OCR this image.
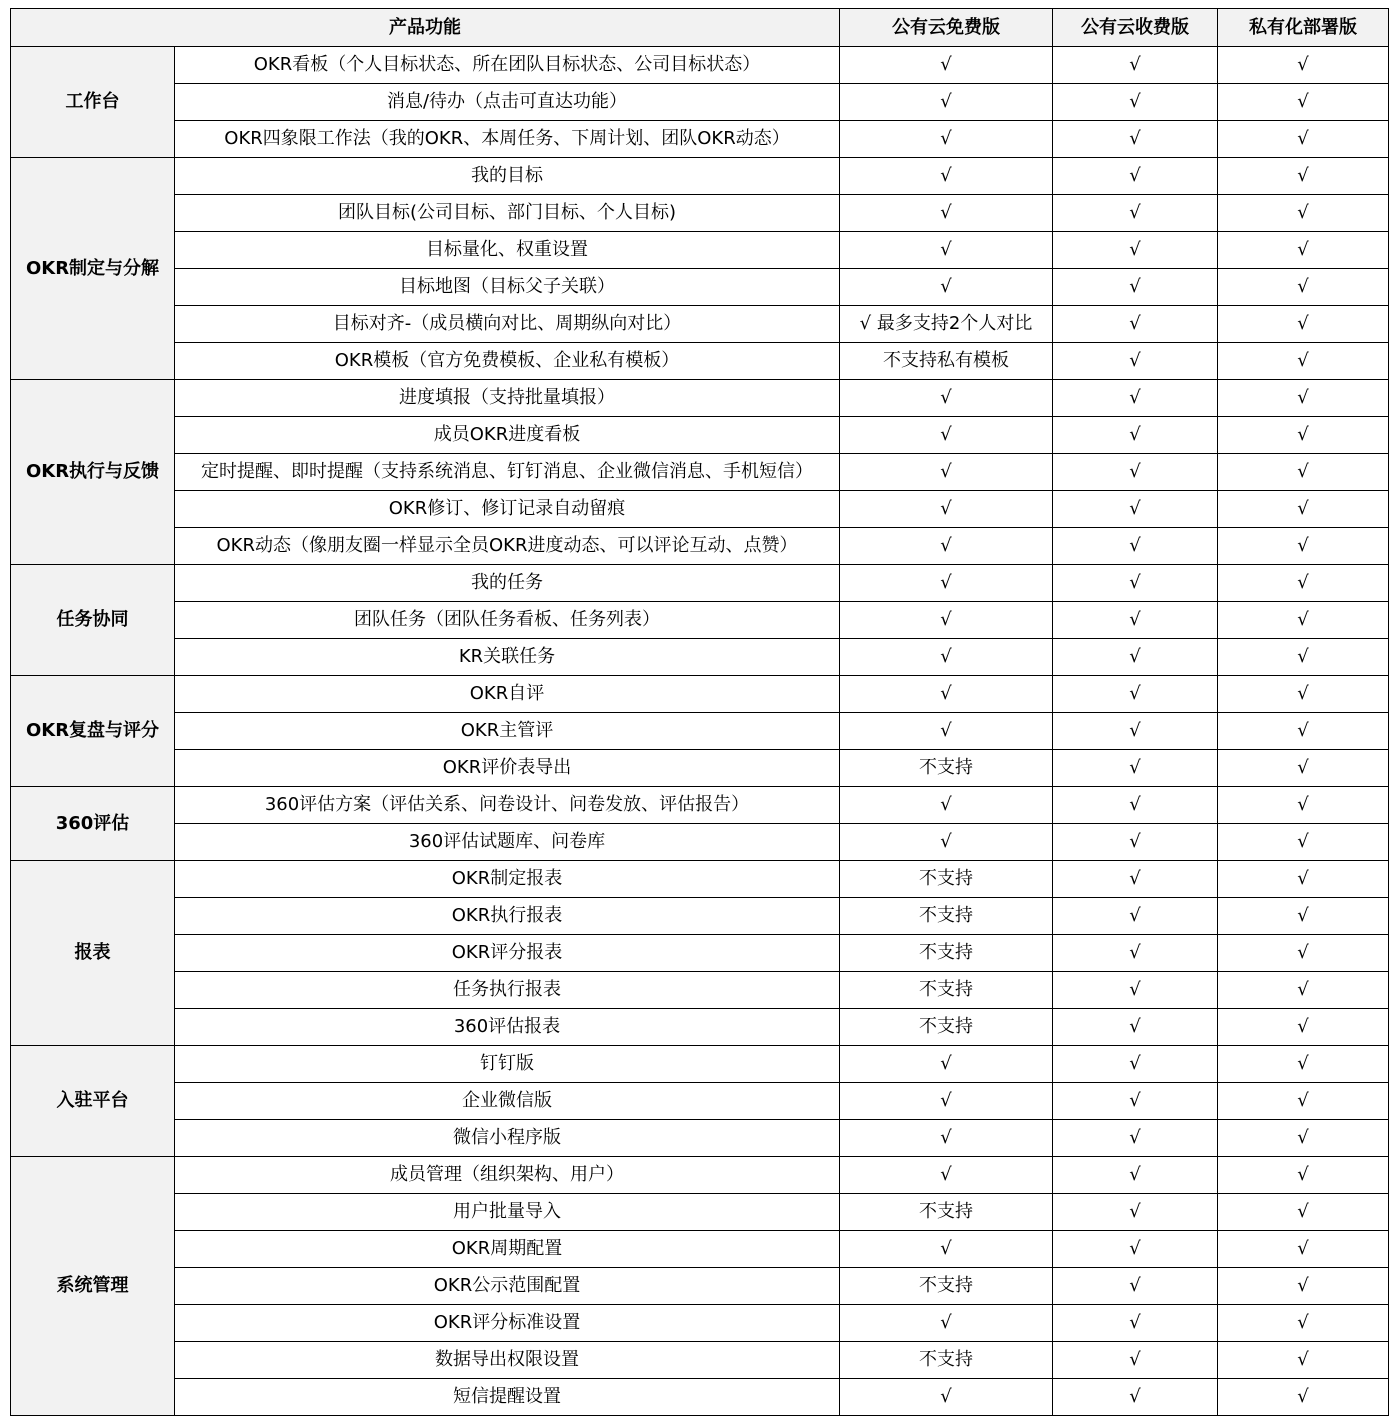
产品功能		公有云免费版	公有云收费版	私有化部署版
工作台	OKR看板（个人目标状态、所在团队目标状态、公司目标状态）	√	√	√
	消息/待办（点击可直达功能）	√	√	√
	OKR四象限工作法（我的OKR、本周任务、下周计划、团队OKR动态）	√	√	√
OKR制定与分解	我的目标	√	√	√
	团队目标(公司目标、部门目标、个人目标)	√	√	√
	目标量化、权重设置	√	√	√
	目标地图（目标父子关联）	√	√	√
	目标对齐-（成员横向对比、周期纵向对比）	√ 最多支持2个人对比	√	√
	OKR模板（官方免费模板、企业私有模板）	不支持私有模板	√	√
OKR执行与反馈	进度填报（支持批量填报）	√	√	√
	成员OKR进度看板	√	√	√
	定时提醒、即时提醒（支持系统消息、钉钉消息、企业微信消息、手机短信）	√	√	√
	OKR修订、修订记录自动留痕	√	√	√
	OKR动态（像朋友圈一样显示全员OKR进度动态、可以评论互动、点赞）	√	√	√
任务协同	我的任务	√	√	√
	团队任务（团队任务看板、任务列表）	√	√	√
	KR关联任务	√	√	√
OKR复盘与评分	OKR自评	√	√	√
	OKR主管评	√	√	√
	OKR评价表导出	不支持	√	√
360评估	360评估方案（评估关系、问卷设计、问卷发放、评估报告）	√	√	√
	360评估试题库、问卷库	√	√	√
报表	OKR制定报表	不支持	√	√
	OKR执行报表	不支持	√	√
	OKR评分报表	不支持	√	√
	任务执行报表	不支持	√	√
	360评估报表	不支持	√	√
入驻平台	钉钉版	√	√	√
	企业微信版	√	√	√
	微信小程序版	√	√	√
系统管理	成员管理（组织架构、用户）	√	√	√
	用户批量导入	不支持	√	√
	OKR周期配置	√	√	√
	OKR公示范围配置	不支持	√	√
	OKR评分标准设置	√	√	√
	数据导出权限设置	不支持	√	√
	短信提醒设置	√	√	√
